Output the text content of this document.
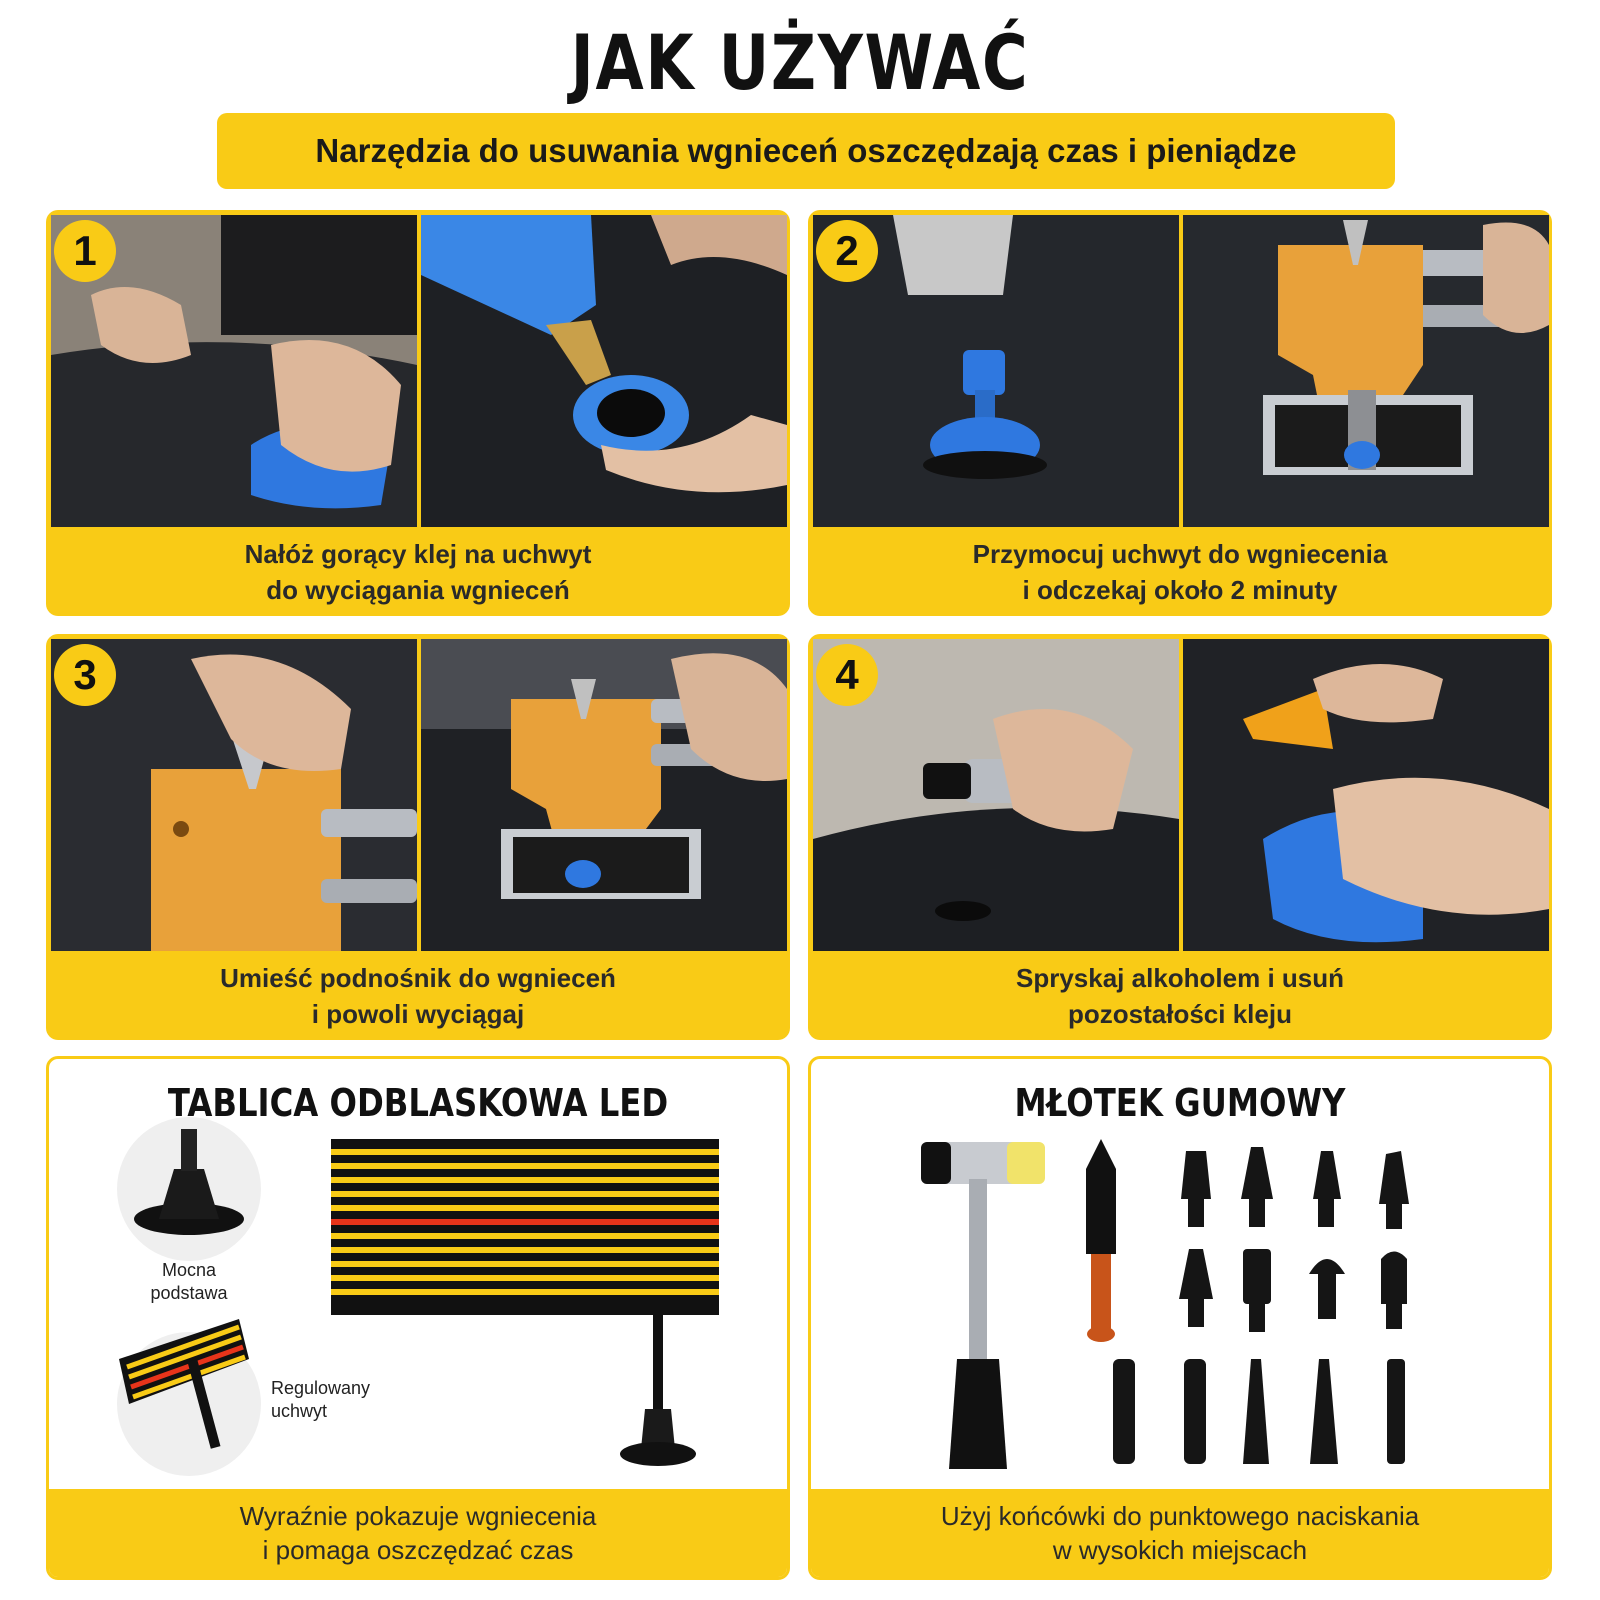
JAK UŻYWAĆ
Narzędzia do usuwania wgnieceń oszczędzają czas i pieniądze
1
Nałóż gorący klej na uchwyt
do wyciągania wgnieceń
2
Przymocuj uchwyt do wgniecenia
i odczekaj około 2 minuty
3
Umieść podnośnik do wgnieceń
i powoli wyciągaj
4
Spryskaj alkoholem i usuń
pozostałości kleju
TABLICA ODBLASKOWA LED
Mocna
podstawa
Regulowany
uchwyt
Wyraźnie pokazuje wgniecenia
i pomaga oszczędzać czas
MŁOTEK GUMOWY
Użyj końcówki do punktowego naciskania
w wysokich miejscach
